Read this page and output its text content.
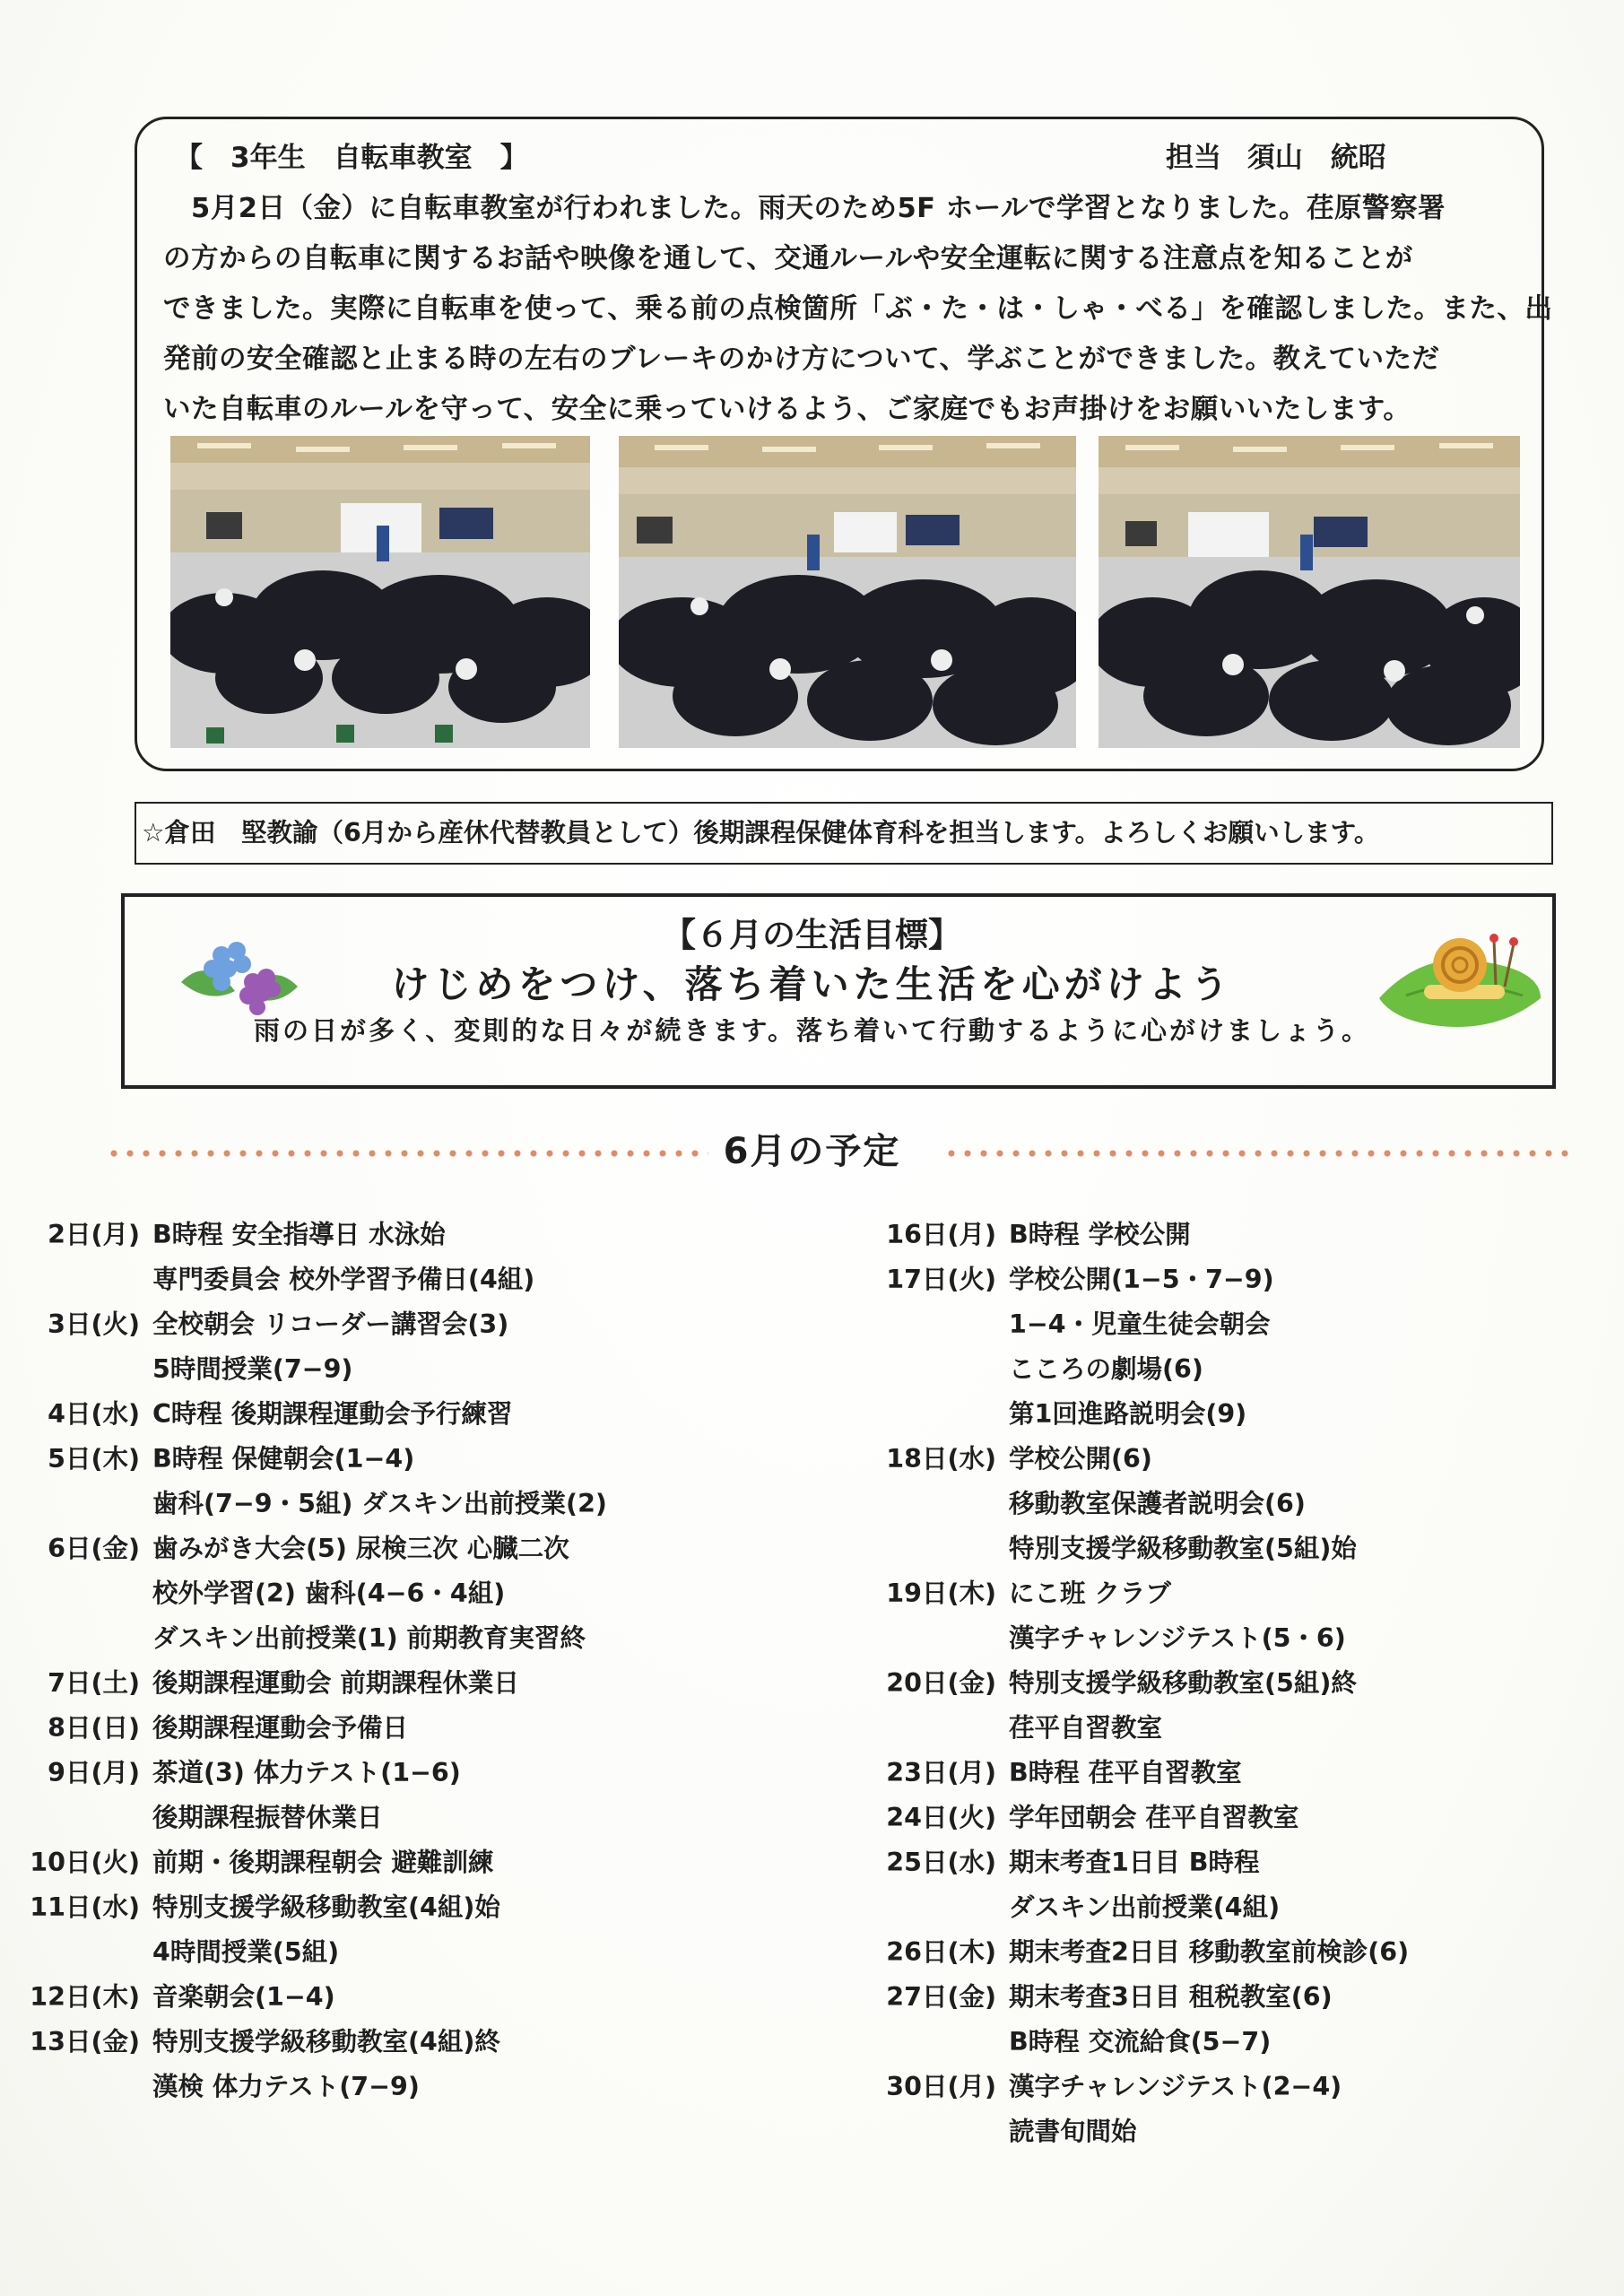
【　3年生　自転車教室　】	担当 須山　統昭
　5月2日（金）に自転車教室が行われました。雨天のため5F ホールで学習となりました。荏原警察署
の方からの自転車に関するお話や映像を通して、交通ルールや安全運転に関する注意点を知ることが
できました。実際に自転車を使って、乗る前の点検箇所「ぶ・た・は・しゃ・べる」を確認しました。また、出
発前の安全確認と止まる時の左右のブレーキのかけ方について、学ぶことができました。教えていただ
いた自転車のルールを守って、安全に乗っていけるよう、ご家庭でもお声掛けをお願いいたします。
☆倉田　堅教諭（6月から産休代替教員として）後期課程保健体育科を担当します。よろしくお願いします。
【６月の生活目標】
けじめをつけ、落ち着いた生活を心がけよう
雨の日が多く、変則的な日々が続きます。落ち着いて行動するように心がけましょう。
6月の予定
2日(月) B時程 安全指導日 水泳始
専門委員会 校外学習予備日(4組)
3日(火) 全校朝会 リコーダー講習会(3)
5時間授業(7−9)
4日(水) C時程 後期課程運動会予行練習
5日(木) B時程 保健朝会(1−4)
歯科(7−9・5組) ダスキン出前授業(2)
6日(金) 歯みがき大会(5) 尿検三次 心臓二次
校外学習(2) 歯科(4−6・4組)
ダスキン出前授業(1) 前期教育実習終
7日(土) 後期課程運動会 前期課程休業日
8日(日) 後期課程運動会予備日
9日(月) 茶道(3) 体力テスト(1−6)
後期課程振替休業日
10日(火) 前期・後期課程朝会 避難訓練
11日(水) 特別支援学級移動教室(4組)始
4時間授業(5組)
12日(木) 音楽朝会(1−4)
13日(金) 特別支援学級移動教室(4組)終
漢検 体力テスト(7−9)
16日(月) B時程 学校公開
17日(火) 学校公開(1−5・7−9)
1−4・児童生徒会朝会
こころの劇場(6)
第1回進路説明会(9)
18日(水) 学校公開(6)
移動教室保護者説明会(6)
特別支援学級移動教室(5組)始
19日(木) にこ班 クラブ
漢字チャレンジテスト(5・6)
20日(金) 特別支援学級移動教室(5組)終
荏平自習教室
23日(月) B時程 荏平自習教室
24日(火) 学年団朝会 荏平自習教室
25日(水) 期末考査1日目 B時程
ダスキン出前授業(4組)
26日(木) 期末考査2日目 移動教室前検診(6)
27日(金) 期末考査3日目 租税教室(6)
B時程 交流給食(5−7)
30日(月) 漢字チャレンジテスト(2−4)
読書旬間始
